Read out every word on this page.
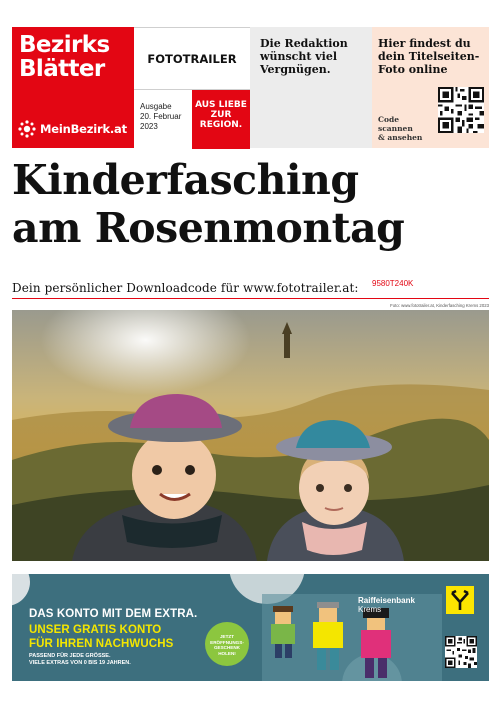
Bezirks
Blätter
MeinBezirk.at
FOTOTRAILER
Ausgabe
20. Februar
2023
AUS LIEBE
ZUR
REGION.
Die Redaktion
wünscht viel
Vergnügen.
Hier findest du
dein Titelseiten-
Foto online
Code
scannen
& ansehen
Kinderfasching
am Rosenmontag
Dein persönlicher Downloadcode für www.fototrailer.at: 9580T240K
Foto: www.fototrailer.at, Kinderfasching Krems 2023
DAS KONTO MIT DEM EXTRA.
UNSER GRATIS KONTO
FÜR IHREN NACHWUCHS
PASSEND FÜR JEDE GRÖSSE.
VIELE EXTRAS VON 0 BIS 19 JAHREN.
JETZT
ERÖFFNUNGS-
GESCHENK
HOLEN!
Raiffeisenbank
Krems
